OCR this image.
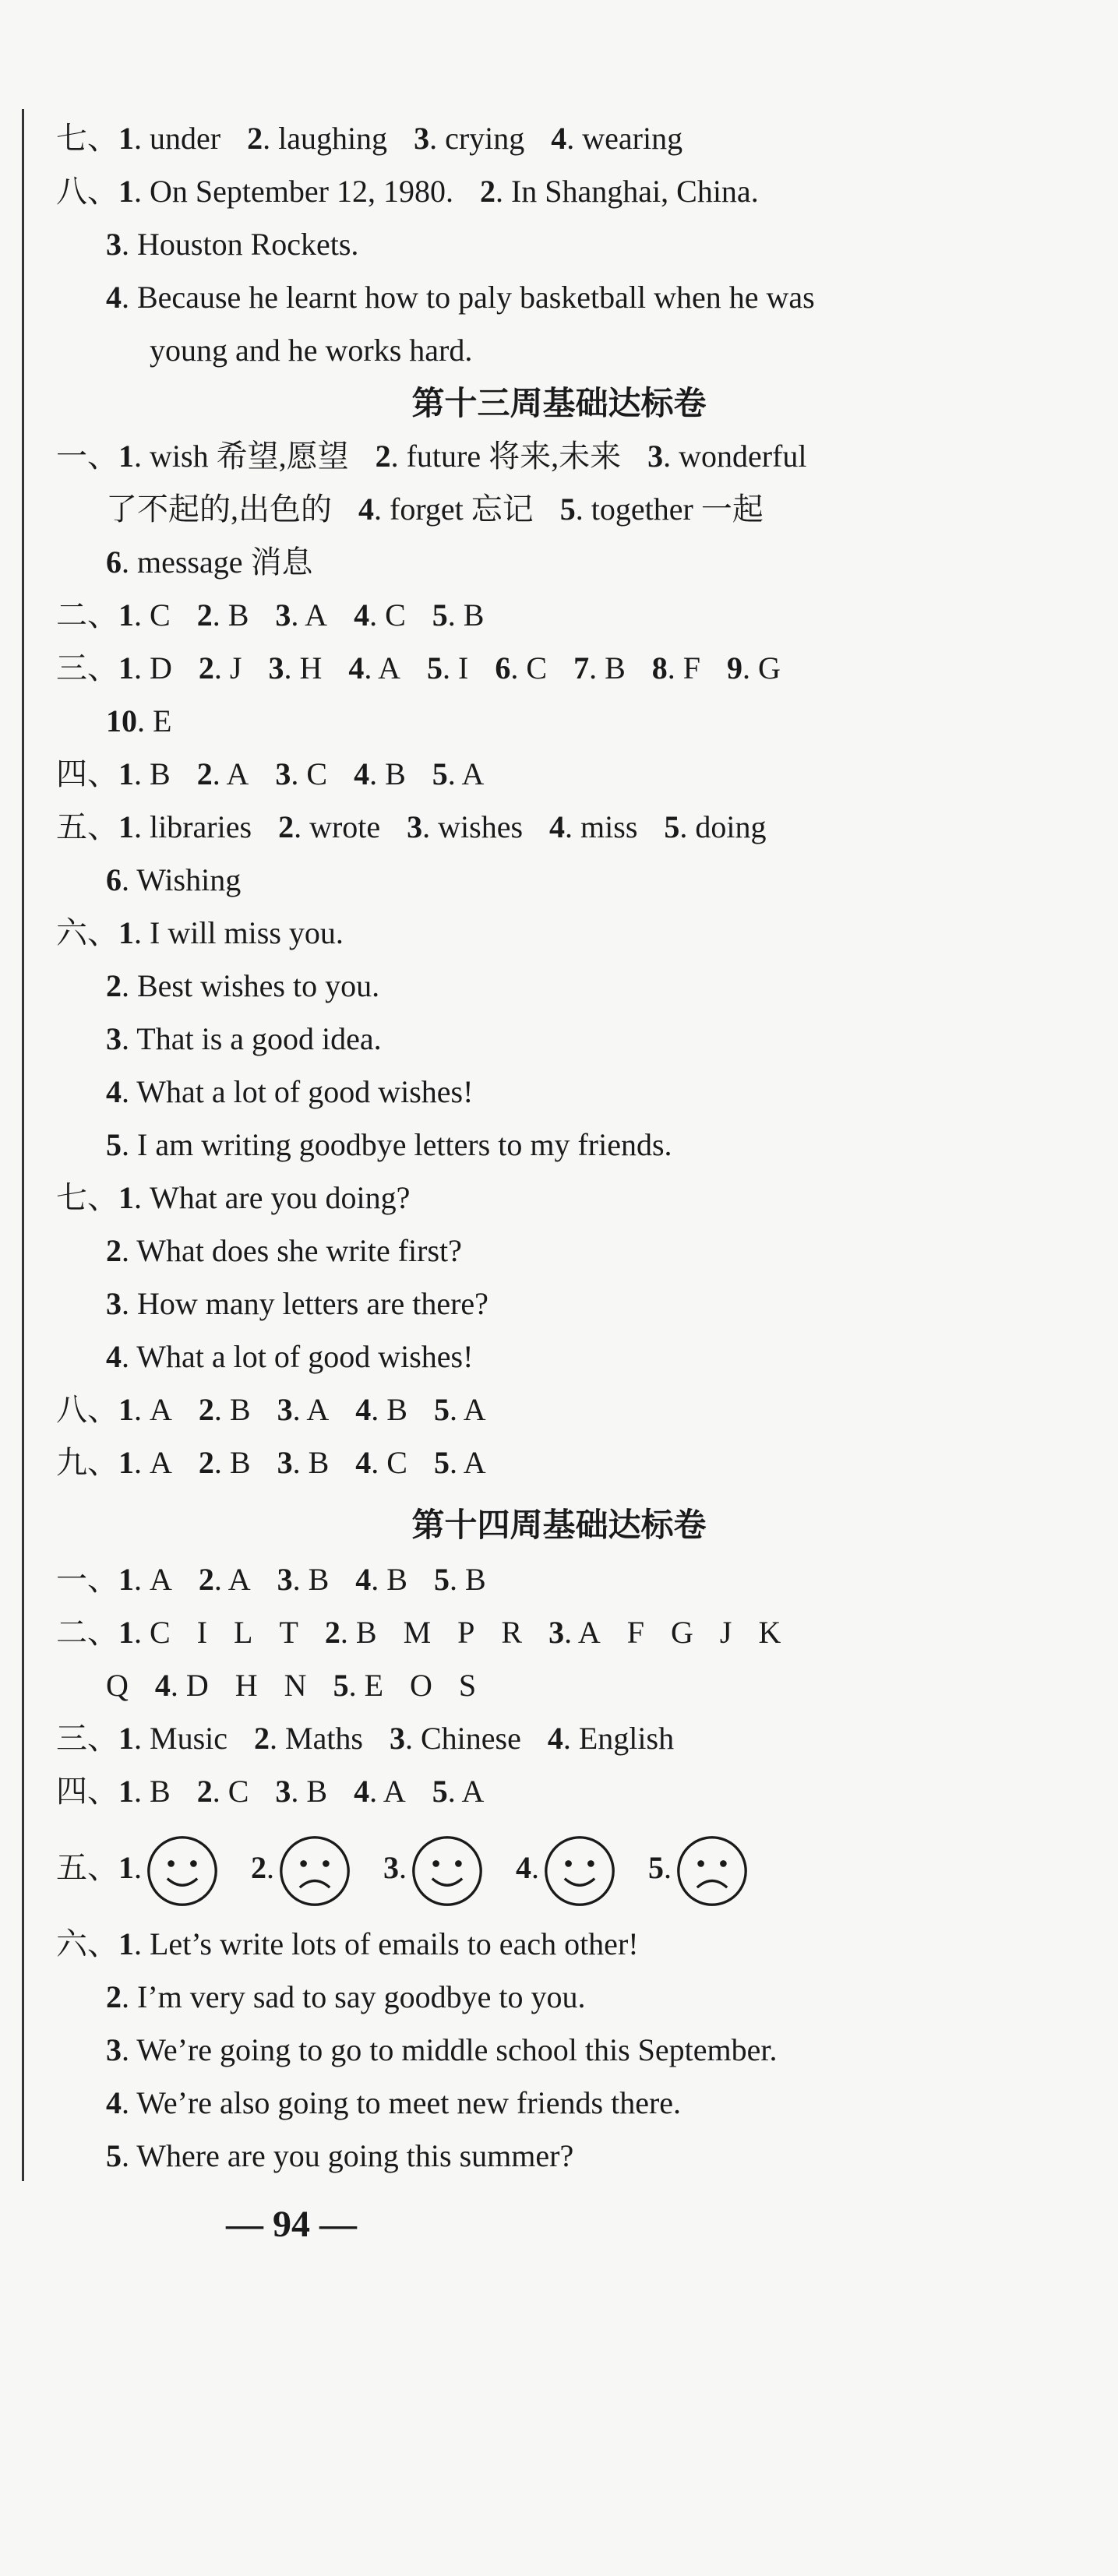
七、1. under 2. laughing 3. crying 4. wearing
八、1. On September 12, 1980. 2. In Shanghai, China.
3. Houston Rockets.
4. Because he learnt how to paly basketball when he was
young and he works hard.
第十三周基础达标卷
一、1. wish 希望,愿望 2. future 将来,未来 3. wonderful
了不起的,出色的 4. forget 忘记 5. together 一起
6. message 消息
二、1. C 2. B 3. A 4. C 5. B
三、1. D 2. J 3. H 4. A 5. I 6. C 7. B 8. F 9. G
10. E
四、1. B 2. A 3. C 4. B 5. A
五、1. libraries 2. wrote 3. wishes 4. miss 5. doing
6. Wishing
六、1. I will miss you.
2. Best wishes to you.
3. That is a good idea.
4. What a lot of good wishes!
5. I am writing goodbye letters to my friends.
七、1. What are you doing?
2. What does she write first?
3. How many letters are there?
4. What a lot of good wishes!
八、1. A 2. B 3. A 4. B 5. A
九、1. A 2. B 3. B 4. C 5. A
第十四周基础达标卷
一、1. A 2. A 3. B 4. B 5. B
二、1. C I L T 2. B M P R 3. A F G J K
Q 4. D H N 5. E O S
三、1. Music 2. Maths 3. Chinese 4. English
四、1. B 2. C 3. B 4. A 5. A
五、1.	2.	3.	4.	5.
六、1. Let’s write lots of emails to each other!
2. I’m very sad to say goodbye to you.
3. We’re going to go to middle school this September.
4. We’re also going to meet new friends there.
5. Where are you going this summer?
— 94 —
